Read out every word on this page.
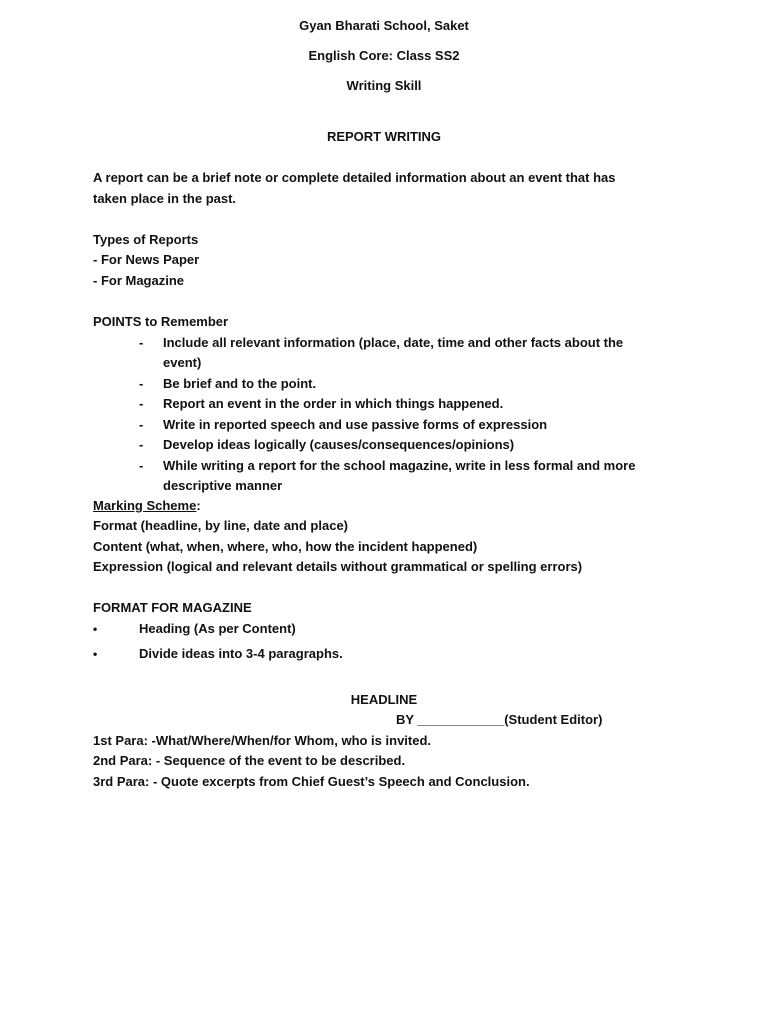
Gyan Bharati School, Saket
English Core: Class SS2
Writing Skill
REPORT WRITING
A report can be a brief note or complete detailed information about an event that has
taken place in the past.
Types of Reports
- For News Paper
- For Magazine
POINTS to Remember
- Include all relevant information (place, date, time and other facts about the
event)
- Be brief and to the point.
- Report an event in the order in which things happened.
- Write in reported speech and use passive forms of expression
- Develop ideas logically (causes/consequences/opinions)
- While writing a report for the school magazine, write in less formal and more
descriptive manner
Marking Scheme:
Format (headline, by line, date and place)
Content (what, when, where, who, how the incident happened)
Expression (logical and relevant details without grammatical or spelling errors)
FORMAT FOR MAGAZINE
•	Heading (As per Content)
•	Divide ideas into 3-4 paragraphs.
HEADLINE
BY ____________(Student Editor)
1st Para: -What/Where/When/for Whom, who is invited.
2nd Para: - Sequence of the event to be described.
3rd Para: - Quote excerpts from Chief Guest’s Speech and Conclusion.
